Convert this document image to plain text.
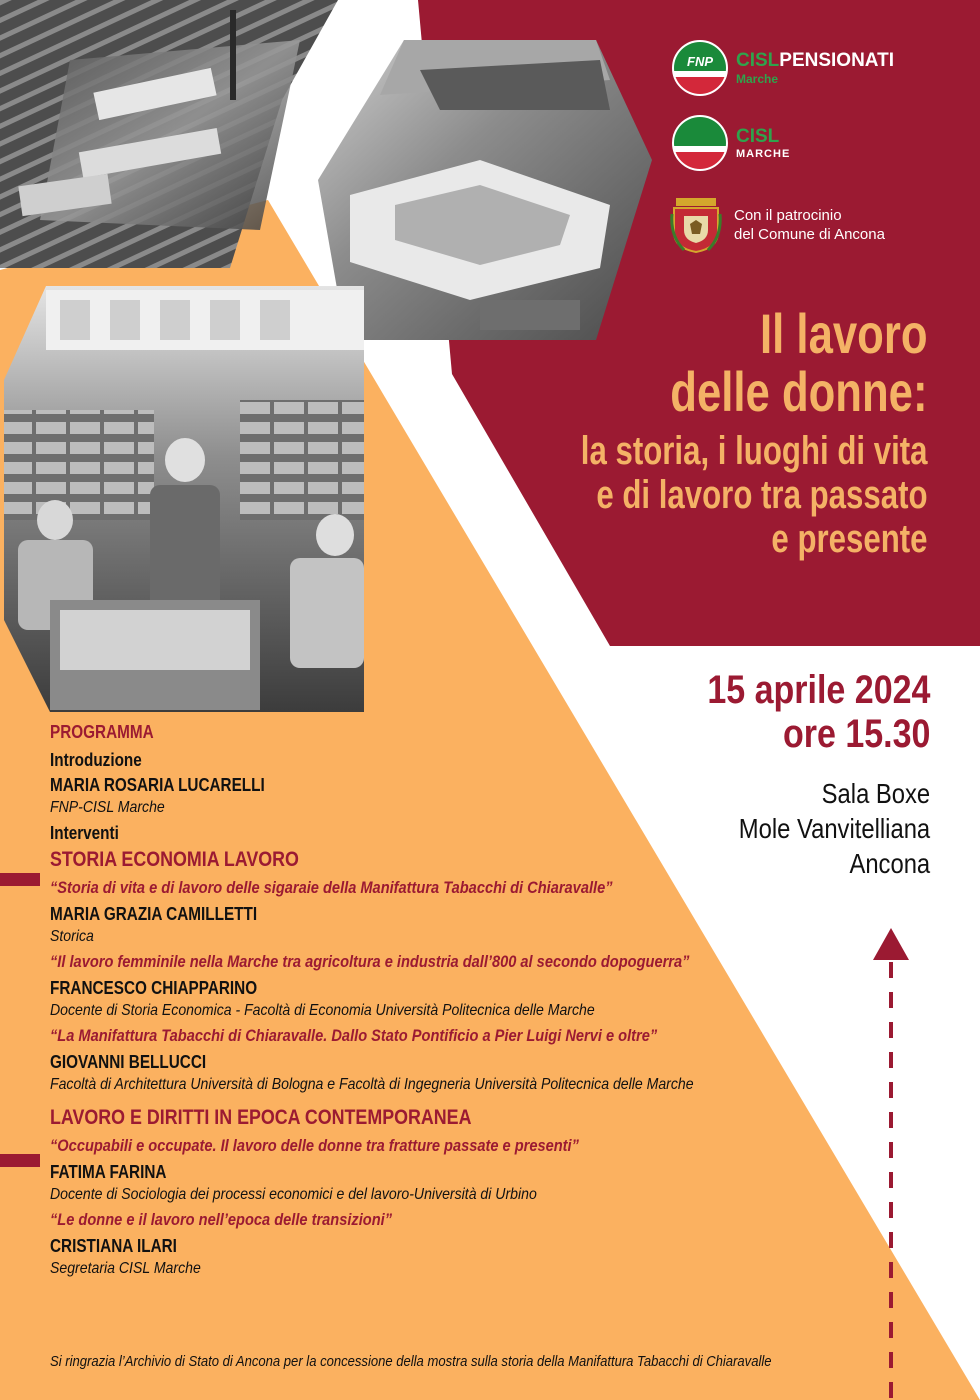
FNP	CISLPENSIONATI
Marche
CISL
MARCHE
Con il patrocinio
del Comune di Ancona
Il lavoro
delle donne:
la storia, i luoghi di vita
e di lavoro tra passato
e presente
15 aprile 2024
ore 15.30
Sala Boxe
Mole Vanvitelliana
Ancona
PROGRAMMA
Introduzione
MARIA ROSARIA LUCARELLI
FNP-CISL Marche
Interventi
STORIA ECONOMIA LAVORO
“Storia di vita e di lavoro delle sigaraie della Manifattura Tabacchi di Chiaravalle”
MARIA GRAZIA CAMILLETTI
Storica
“Il lavoro femminile nella Marche tra agricoltura e industria dall’800 al secondo dopoguerra”
FRANCESCO CHIAPPARINO
Docente di Storia Economica - Facoltà di Economia Università Politecnica delle Marche
“La Manifattura Tabacchi di Chiaravalle. Dallo Stato Pontificio a Pier Luigi Nervi e oltre”
GIOVANNI BELLUCCI
Facoltà di Architettura Università di Bologna e Facoltà di Ingegneria Università Politecnica delle Marche
LAVORO E DIRITTI IN EPOCA CONTEMPORANEA
“Occupabili e occupate. Il lavoro delle donne tra fratture passate e presenti”
FATIMA FARINA
Docente di Sociologia dei processi economici e del lavoro-Università di Urbino
“Le donne e il lavoro nell’epoca delle transizioni”
CRISTIANA ILARI
Segretaria CISL Marche
Si ringrazia l’Archivio di Stato di Ancona per la concessione della mostra sulla storia della Manifattura Tabacchi di Chiaravalle
